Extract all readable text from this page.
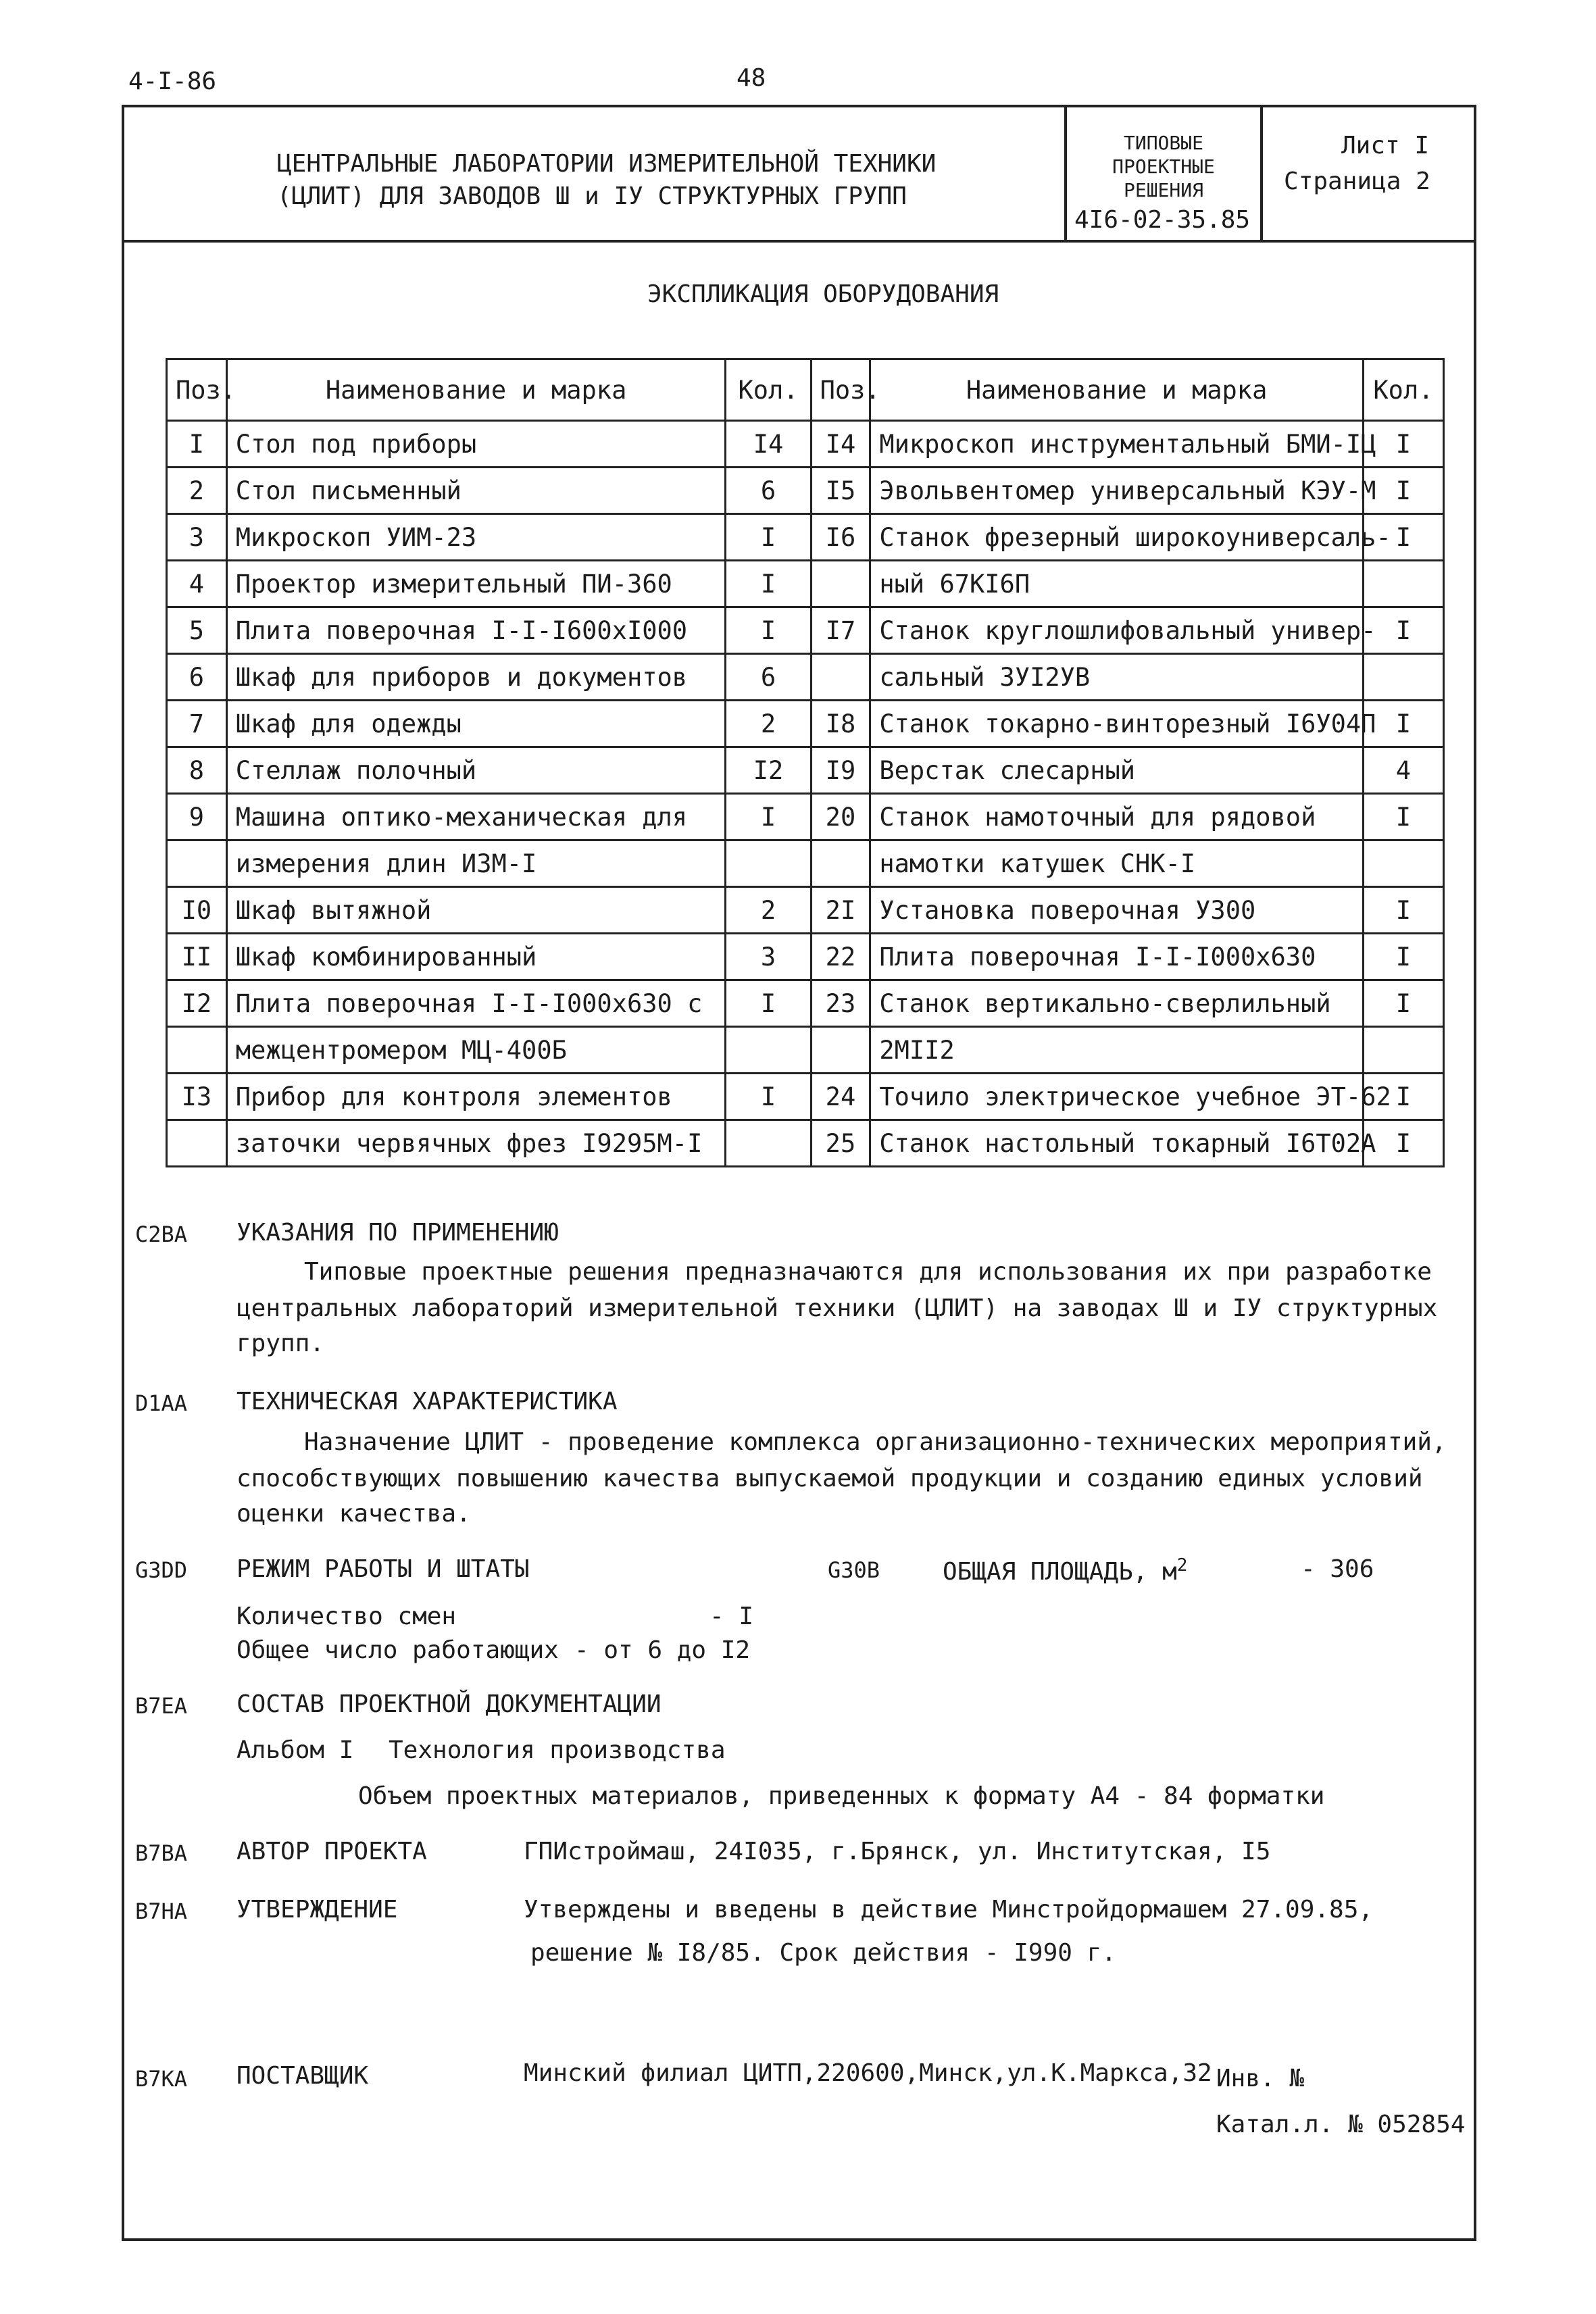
4-I-86	48
ЦЕНТРАЛЬНЫЕ ЛАБОРАТОРИИ ИЗМЕРИТЕЛЬНОЙ ТЕХНИКИ
(ЦЛИТ) ДЛЯ ЗАВОДОВ Ш и IУ СТРУКТУРНЫХ ГРУПП
ТИПОВЫЕ
ПРОЕКТНЫЕ
РЕШЕНИЯ
4I6-02-35.85
Лист I
Страница 2
ЭКСПЛИКАЦИЯ ОБОРУДОВАНИЯ
Поз.	Наименование и марка	Кол.	Поз.	Наименование и марка	Кол.
I	Стол под приборы	I4	I4	Микроскоп инструментальный БМИ-IЦ	I
2	Стол письменный	6	I5	Эвольвентомер универсальный КЭУ-М	I
3	Микроскоп УИМ-23	I	I6	Станок фрезерный широкоуниверсаль-	I
4	Проектор измерительный ПИ-360	I		ный 67КI6П	
5	Плита поверочная I-I-I600xI000	I	I7	Станок круглошлифовальный универ-	I
6	Шкаф для приборов и документов	6		сальный 3УI2УВ	
7	Шкаф для одежды	2	I8	Станок токарно-винторезный I6У04П	I
8	Стеллаж полочный	I2	I9	Верстак слесарный	4
9	Машина оптико-механическая для	I	20	Станок намоточный для рядовой	I
	измерения длин ИЗМ-I			намотки катушек СНК-I	
I0	Шкаф вытяжной	2	2I	Установка поверочная У300	I
II	Шкаф комбинированный	3	22	Плита поверочная I-I-I000x630	I
I2	Плита поверочная I-I-I000x630 с	I	23	Станок вертикально-сверлильный	I
	межцентромером МЦ-400Б			2МII2	
I3	Прибор для контроля элементов	I	24	Точило электрическое учебное ЭТ-62	I
	заточки червячных фрез I9295М-I		25	Станок настольный токарный I6Т02А	I
C2BA УКАЗАНИЯ ПО ПРИМЕНЕНИЮ
Типовые проектные решения предназначаются для использования их при разработке
центральных лабораторий измерительной техники (ЦЛИТ) на заводах Ш и IУ структурных
групп.
D1AA ТЕХНИЧЕСКАЯ ХАРАКТЕРИСТИКА
Назначение ЦЛИТ - проведение комплекса организационно-технических мероприятий,
способствующих повышению качества выпускаемой продукции и созданию единых условий
оценки качества.
G3DD РЕЖИМ РАБОТЫ И ШТАТЫ
Количество смен	- I
Общее число работающих - от 6 до I2
G30B	ОБЩАЯ ПЛОЩАДЬ, $м^2$	- 306
B7EA СОСТАВ ПРОЕКТНОЙ ДОКУМЕНТАЦИИ
Альбом I Технология производства
Объем проектных материалов, приведенных к формату А4 - 84 форматки
B7BA АВТОР ПРОЕКТА	ГПИстроймаш, 24I035, г.Брянск, ул. Институтская, I5
B7HA УТВЕРЖДЕНИЕ	Утверждены и введены в действие Минстройдормашем 27.09.85,
решение № I8/85. Срок действия - I990 г.
B7KA ПОСТАВЩИК	Минский филиал ЦИТП,220600,Минск,ул.К.Маркса,32 Инв. №
Катал.л. № 052854
